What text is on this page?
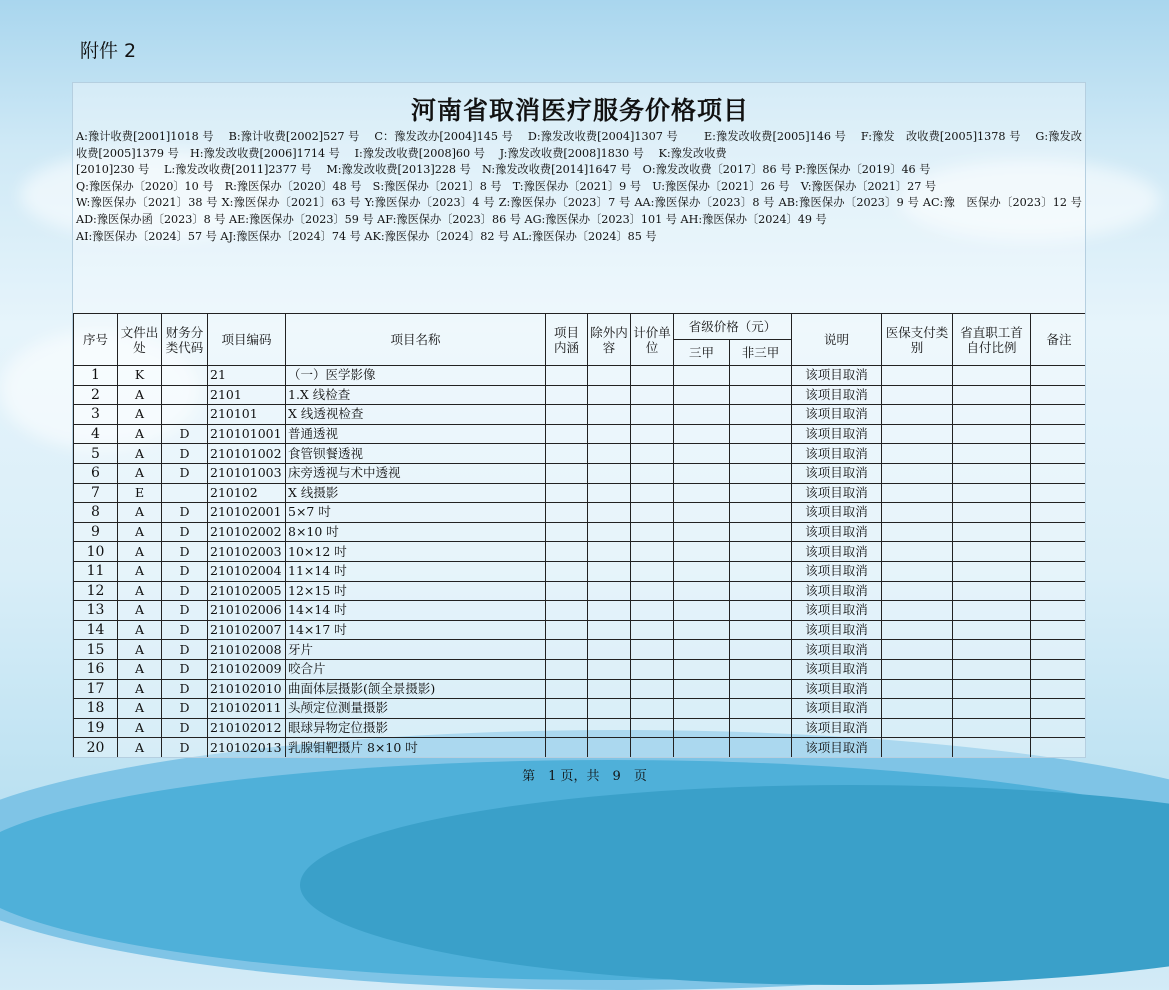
附件 2
河南省取消医疗服务价格项目
A:豫计收费[2001]1018 号　 B:豫计收费[2002]527 号　 C：豫发改办[2004]145 号　 D:豫发改收费[2004]1307 号　　 E:豫发改收费[2005]146 号　 F:豫发　改收费[2005]1378 号　 G:豫发改收费[2005]1379 号　H:豫发改收费[2006]1714 号　 I:豫发改收费[2008]60 号　 J:豫发改收费[2008]1830 号　 K:豫发改收费
[2010]230 号　 L:豫发改收费[2011]2377 号　 M:豫发改收费[2013]228 号　N:豫发改收费[2014]1647 号　O:豫发改收费〔2017〕86 号 P:豫医保办〔2019〕46 号
Q:豫医保办〔2020〕10 号　R:豫医保办〔2020〕48 号　S:豫医保办〔2021〕8 号　T:豫医保办〔2021〕9 号　U:豫医保办〔2021〕26 号　V:豫医保办〔2021〕27 号
W:豫医保办〔2021〕38 号 X:豫医保办〔2021〕63 号 Y:豫医保办〔2023〕4 号 Z:豫医保办〔2023〕7 号 AA:豫医保办〔2023〕8 号 AB:豫医保办〔2023〕9 号 AC:豫　医保办〔2023〕12 号 AD:豫医保办函〔2023〕8 号 AE:豫医保办〔2023〕59 号 AF:豫医保办〔2023〕86 号 AG:豫医保办〔2023〕101 号 AH:豫医保办〔2024〕49 号
AI:豫医保办〔2024〕57 号 AJ:豫医保办〔2024〕74 号 AK:豫医保办〔2024〕82 号 AL:豫医保办〔2024〕85 号
序号	文件出处	财务分类代码	项目编码	项目名称	项目内涵	除外内容	计价单位	省级价格（元）		说明	医保支付类别	省直职工首自付比例	备注
								三甲	非三甲				
1	K		21	（一）医学影像						该项目取消			
2	A		2101	1.X 线检查						该项目取消			
3	A		210101	X 线透视检查						该项目取消			
4	A	D	210101001	普通透视						该项目取消			
5	A	D	210101002	食管钡餐透视						该项目取消			
6	A	D	210101003	床旁透视与术中透视						该项目取消			
7	E		210102	X 线摄影						该项目取消			
8	A	D	210102001	5×7 吋						该项目取消			
9	A	D	210102002	8×10 吋						该项目取消			
10	A	D	210102003	10×12 吋						该项目取消			
11	A	D	210102004	11×14 吋						该项目取消			
12	A	D	210102005	12×15 吋						该项目取消			
13	A	D	210102006	14×14 吋						该项目取消			
14	A	D	210102007	14×17 吋						该项目取消			
15	A	D	210102008	牙片						该项目取消			
16	A	D	210102009	咬合片						该项目取消			
17	A	D	210102010	曲面体层摄影(颌全景摄影)						该项目取消			
18	A	D	210102011	头颅定位测量摄影						该项目取消			
19	A	D	210102012	眼球异物定位摄影						该项目取消			
20	A	D	210102013	乳腺钼靶摄片 8×10 吋						该项目取消			
第　1 页，共　9　页
